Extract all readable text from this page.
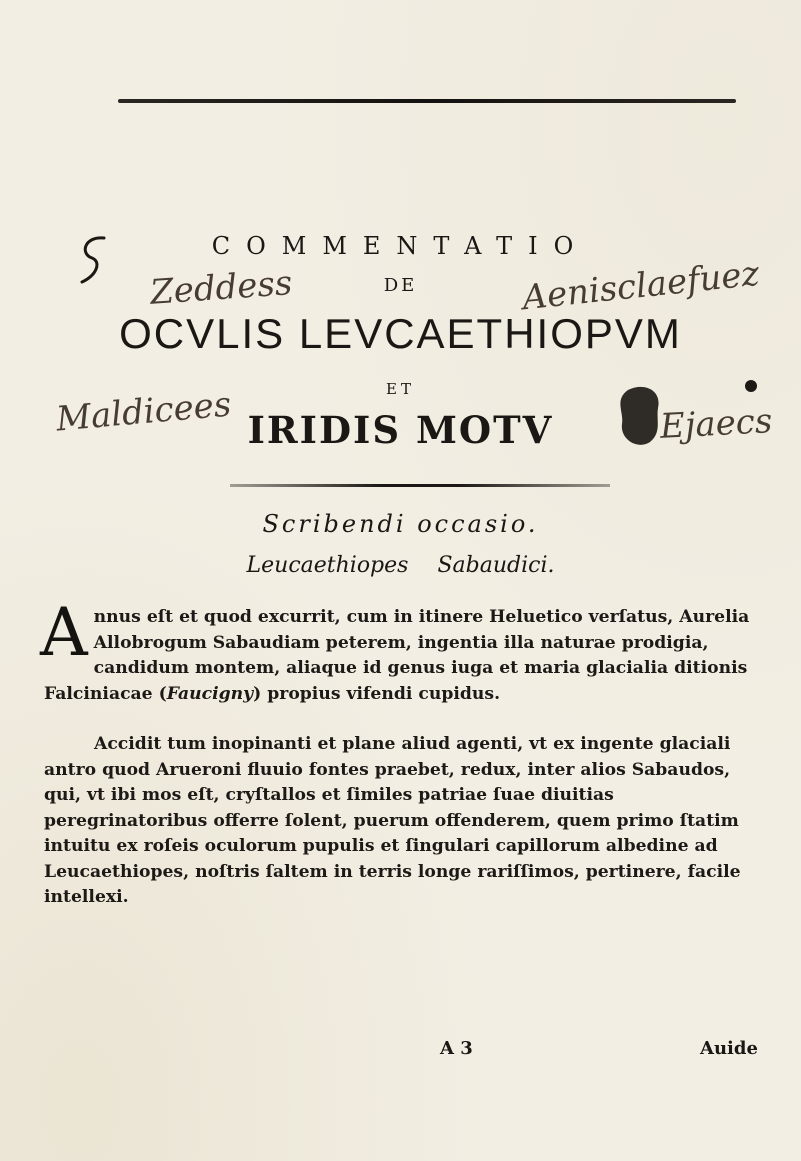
COMMENTATIO
DE
Zeddess	Aenisclaefuez
OCVLIS LEVCAETHIOPVM
ET
IRIDIS MOTV
Maldicees	Ejaecs
Scribendi occasio.
Leucaethiopes Sabaudici.
Annus eſt et quod excurrit, cum in itinere Heluetico verſatus, Aurelia Allobrogum Sabaudiam peterem, ingentia illa naturae prodigia, candidum montem, aliaque id genus iuga et maria glacialia ditionis Falciniacae (Faucigny) propius vifendi cupidus.
Accidit tum inopinanti et plane aliud agenti, vt ex ingente glaciali antro quod Arueroni fluuio fontes praebet, redux, inter alios Sabaudos, qui, vt ibi mos eſt, cryſtallos et ſimiles patriae ſuae diuitias peregrinatoribus offerre ſolent, puerum offenderem, quem primo ſtatim intuitu ex roſeis oculorum pupulis et ſingulari capillorum albedine ad Leucaethiopes, noſtris ſaltem in terris longe rariſſimos, pertinere, facile intellexi.
A 3	Auide
